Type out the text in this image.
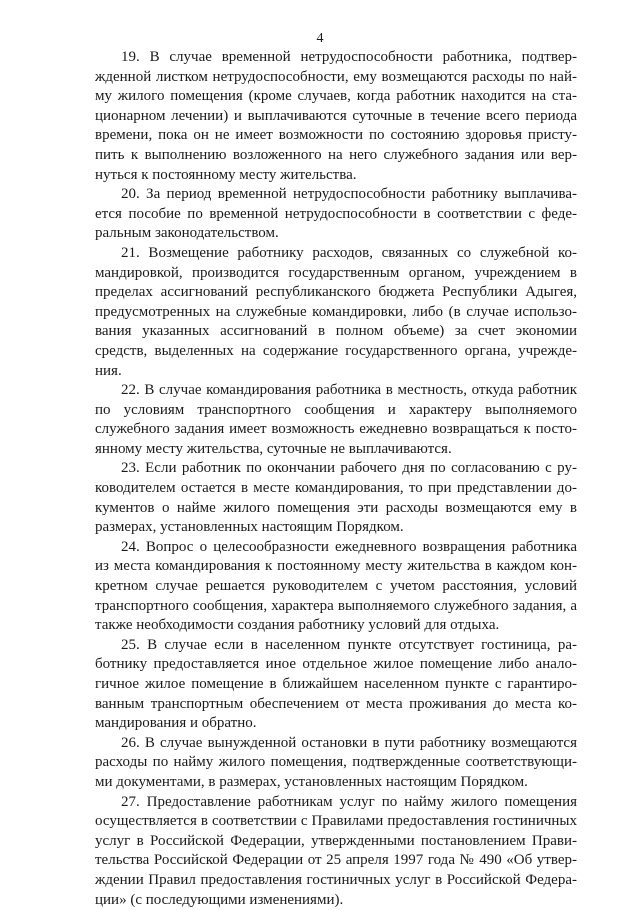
4

19. В случае временной нетрудоспособности работника, подтвержденной листком нетрудоспособности, ему возмещаются расходы по найму жилого помещения (кроме случаев, когда работник находится на стационарном лечении) и выплачиваются суточные в течение всего периода времени, пока он не имеет возможности по состоянию здоровья приступить к выполнению возложенного на него служебного задания или вернуться к постоянному месту жительства.

20. За период временной нетрудоспособности работнику выплачивается пособие по временной нетрудоспособности в соответствии с федеральным законодательством.

21. Возмещение работнику расходов, связанных со служебной командировкой, производится государственным органом, учреждением в пределах ассигнований республиканского бюджета Республики Адыгея, предусмотренных на служебные командировки, либо (в случае использования указанных ассигнований в полном объеме) за счет экономии средств, выделенных на содержание государственного органа, учреждения.

22. В случае командирования работника в местность, откуда работник по условиям транспортного сообщения и характеру выполняемого служебного задания имеет возможность ежедневно возвращаться к постоянному месту жительства, суточные не выплачиваются.

23. Если работник по окончании рабочего дня по согласованию с руководителем остается в месте командирования, то при представлении документов о найме жилого помещения эти расходы возмещаются ему в размерах, установленных настоящим Порядком.

24. Вопрос о целесообразности ежедневного возвращения работника из места командирования к постоянному месту жительства в каждом конкретном случае решается руководителем с учетом расстояния, условий транспортного сообщения, характера выполняемого служебного задания, а также необходимости создания работнику условий для отдыха.

25. В случае если в населенном пункте отсутствует гостиница, работнику предоставляется иное отдельное жилое помещение либо аналогичное жилое помещение в ближайшем населенном пункте с гарантированным транспортным обеспечением от места проживания до места командирования и обратно.

26. В случае вынужденной остановки в пути работнику возмещаются расходы по найму жилого помещения, подтвержденные соответствующими документами, в размерах, установленных настоящим Порядком.

27. Предоставление работникам услуг по найму жилого помещения осуществляется в соответствии с Правилами предоставления гостиничных услуг в Российской Федерации, утвержденными постановлением Правительства Российской Федерации от 25 апреля 1997 года № 490 «Об утверждении Правил предоставления гостиничных услуг в Российской Федерации» (с последующими изменениями).
